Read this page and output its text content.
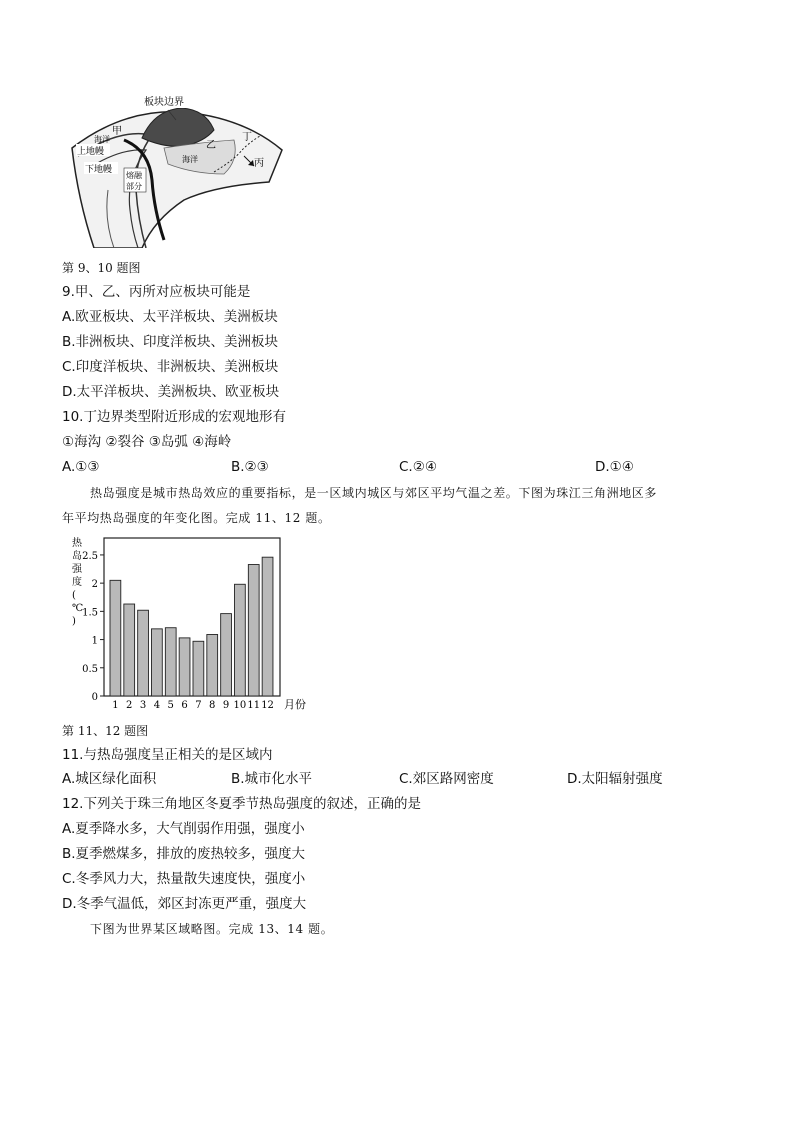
板块边界
甲
海洋
乙
海洋
丁
丙
上地幔
下地幔
熔融
部分
第 9、10 题图
9.甲、乙、丙所对应板块可能是
A.欧亚板块、太平洋板块、美洲板块
B.非洲板块、印度洋板块、美洲板块
C.印度洋板块、非洲板块、美洲板块
D.太平洋板块、美洲板块、欧亚板块
10.丁边界类型附近形成的宏观地形有
①海沟 ②裂谷 ③岛弧 ④海岭
A.①③	B.②③	C.②④	D.①④
热岛强度是城市热岛效应的重要指标，是一区域内城区与郊区平均气温之差。下图为珠江三角洲地区多
年平均热岛强度的年变化图。完成 11、12 题。
热岛强度( ℃ )
0
0.5
1
1.5
2
2.5
1 2 3 4 5 6 7 8 9 10 11 12 月份
第 11、12 题图
11.与热岛强度呈正相关的是区域内
A.城区绿化面积	B.城市化水平	C.郊区路网密度	D.太阳辐射强度
12.下列关于珠三角地区冬夏季节热岛强度的叙述，正确的是
A.夏季降水多，大气削弱作用强，强度小
B.夏季燃煤多，排放的废热较多，强度大
C.冬季风力大，热量散失速度快，强度小
D.冬季气温低，郊区封冻更严重，强度大
下图为世界某区域略图。完成 13、14 题。
